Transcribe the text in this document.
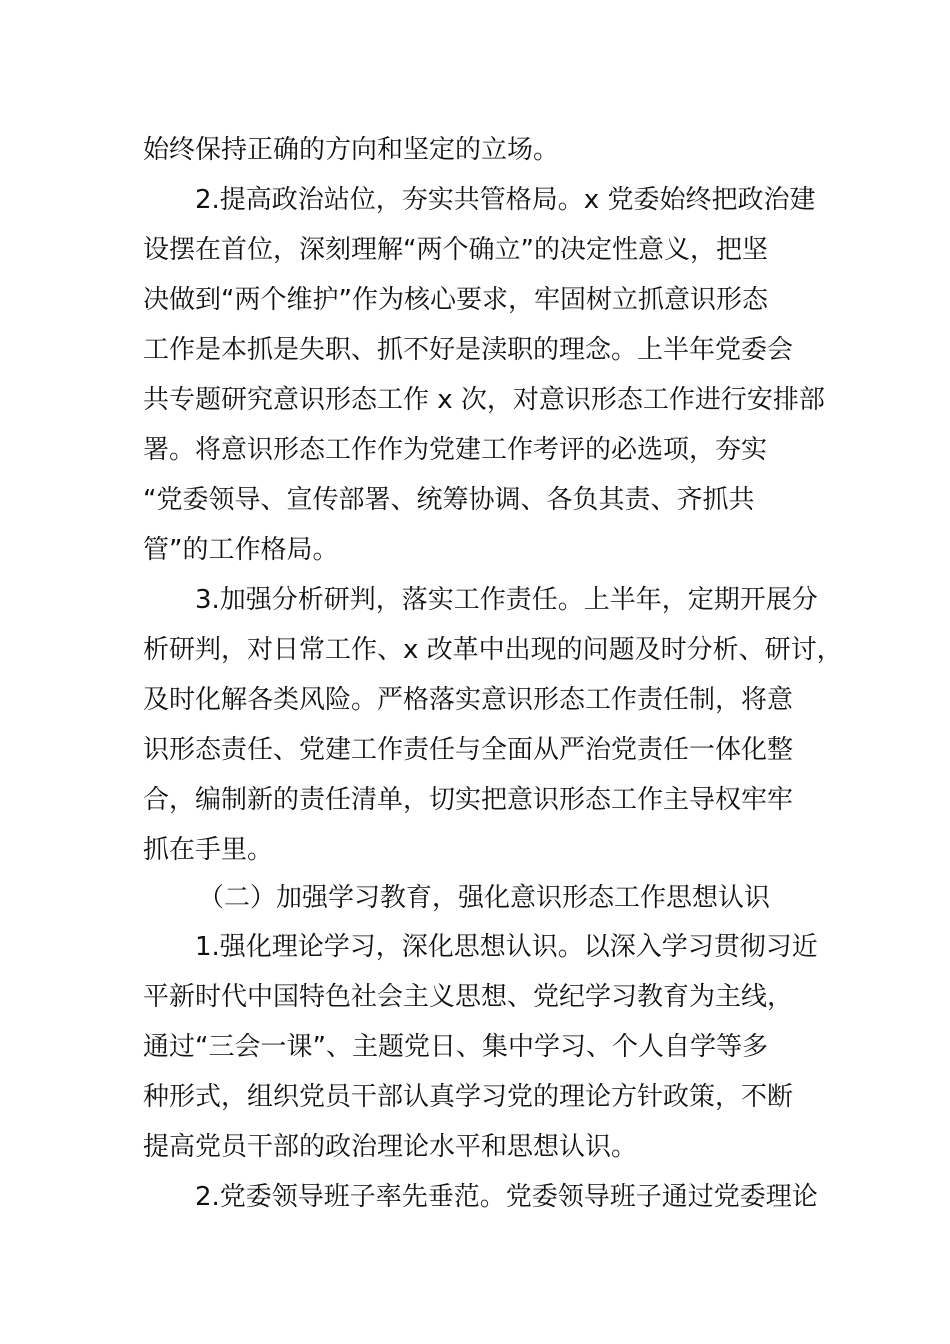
始终保持正确的方向和坚定的立场。
2.提高政治站位，夯实共管格局。x 党委始终把政治建
设摆在首位，深刻理解“两个确立”的决定性意义，把坚
决做到“两个维护”作为核心要求，牢固树立抓意识形态
工作是本抓是失职、抓不好是渎职的理念。上半年党委会
共专题研究意识形态工作 x 次，对意识形态工作进行安排部
署。将意识形态工作作为党建工作考评的必选项，夯实
“党委领导、宣传部署、统筹协调、各负其责、齐抓共
管”的工作格局。
3.加强分析研判，落实工作责任。上半年，定期开展分
析研判，对日常工作、x 改革中出现的问题及时分析、研讨，
及时化解各类风险。严格落实意识形态工作责任制，将意
识形态责任、党建工作责任与全面从严治党责任一体化整
合，编制新的责任清单，切实把意识形态工作主导权牢牢
抓在手里。
（二）加强学习教育，强化意识形态工作思想认识
1.强化理论学习，深化思想认识。以深入学习贯彻习近
平新时代中国特色社会主义思想、党纪学习教育为主线，
通过“三会一课”、主题党日、集中学习、个人自学等多
种形式，组织党员干部认真学习党的理论方针政策，不断
提高党员干部的政治理论水平和思想认识。
2.党委领导班子率先垂范。党委领导班子通过党委理论
